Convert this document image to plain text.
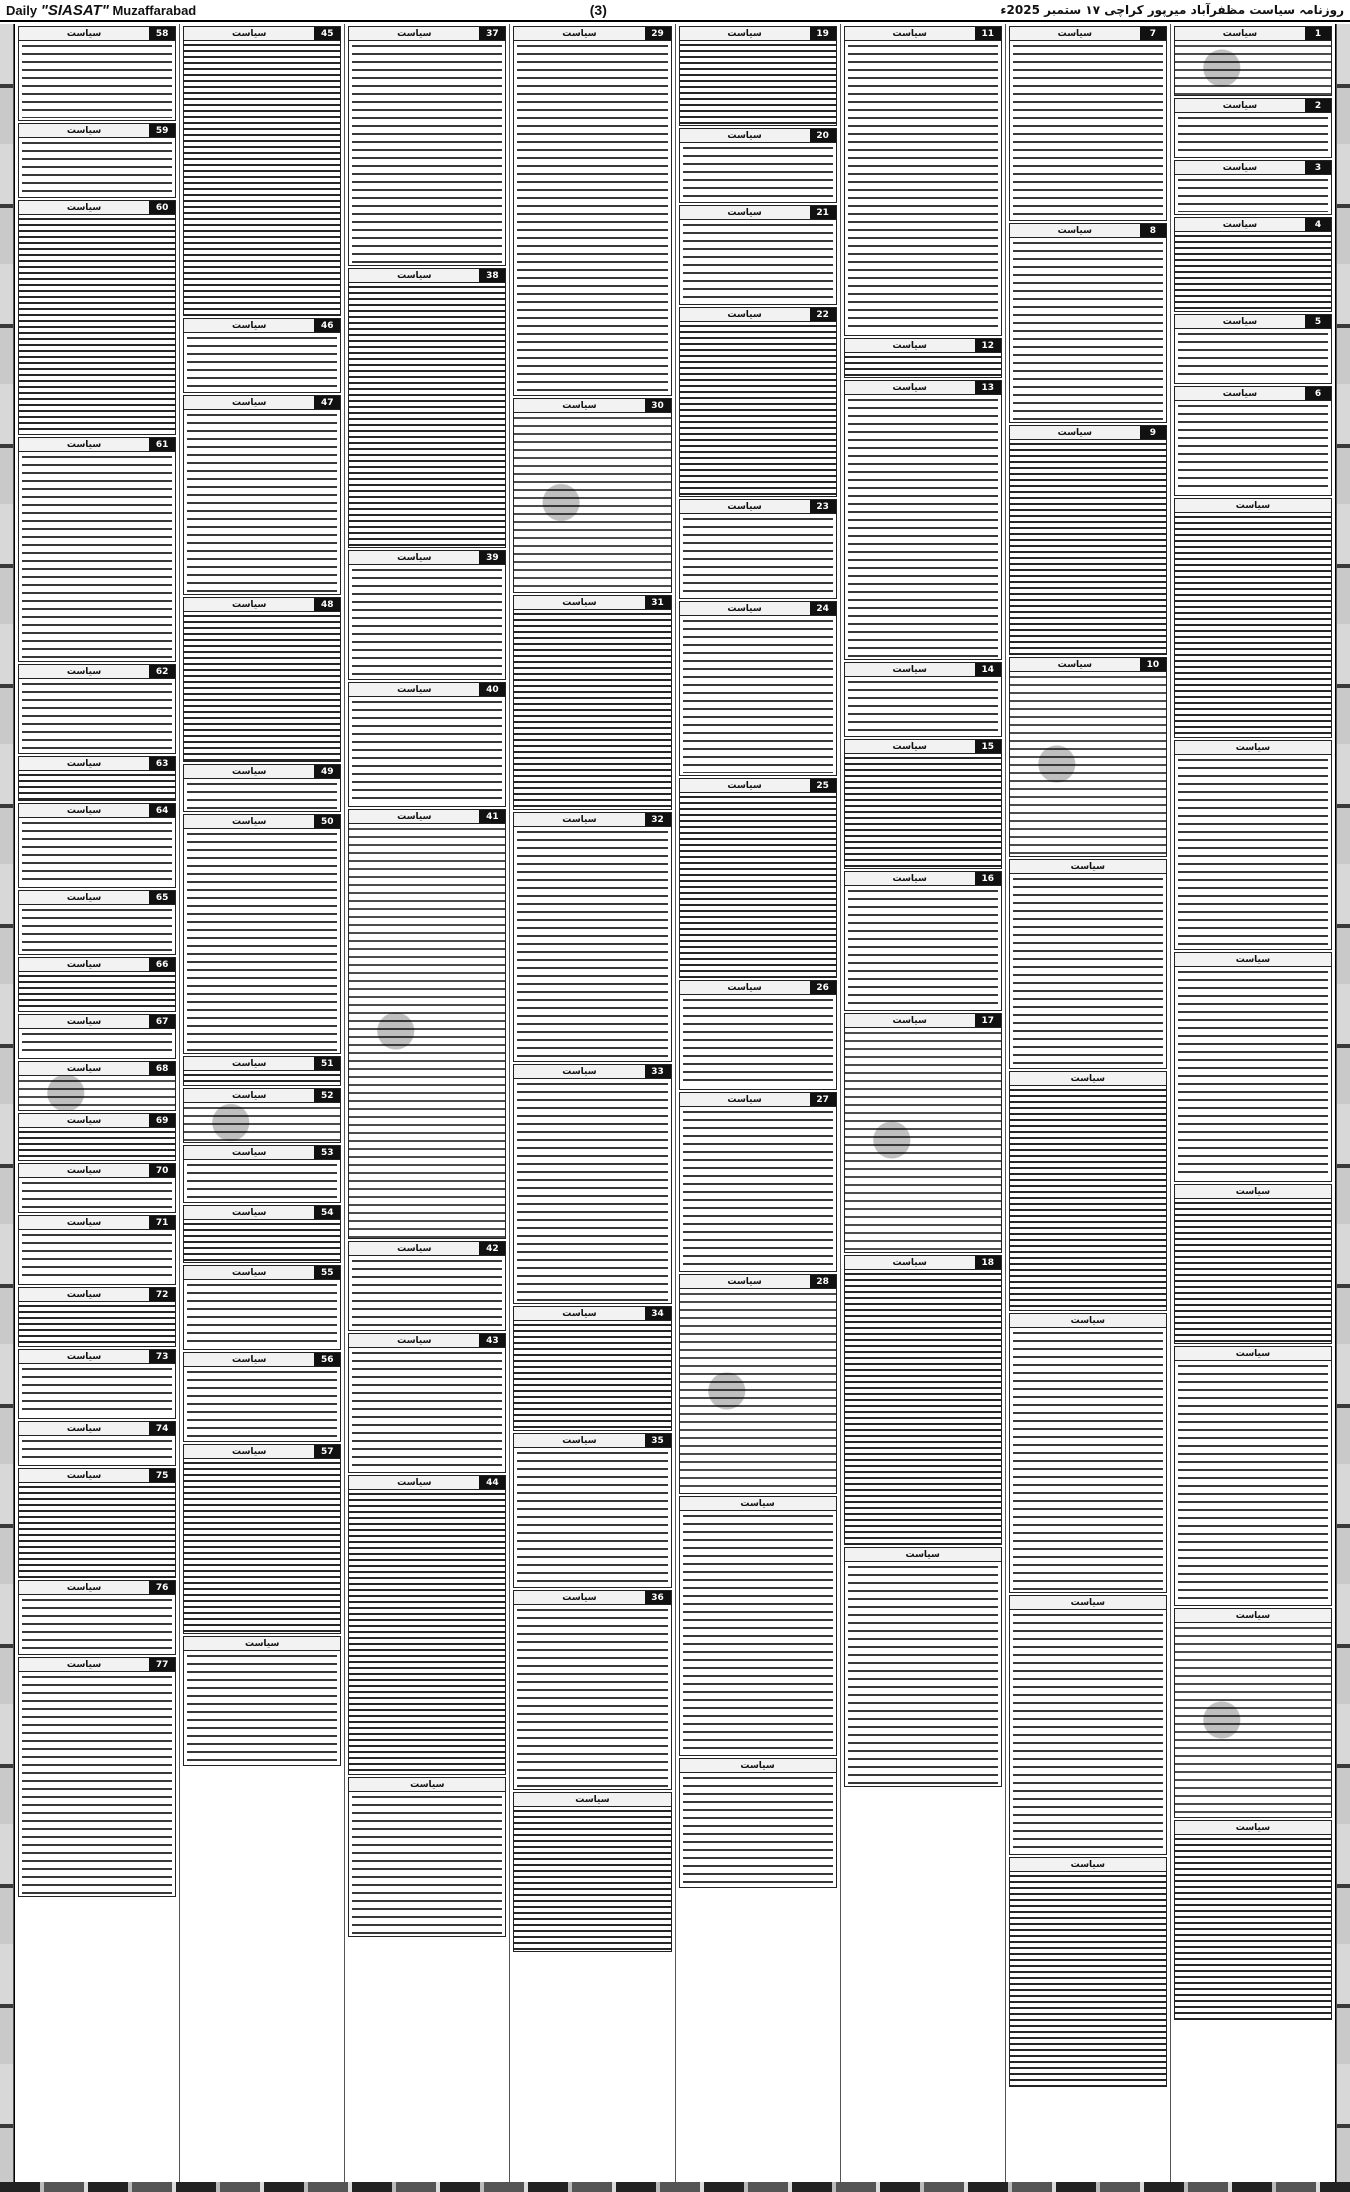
Daily "SIASAT" Muzaffarabad	(3)	روزنامہ سیاست مظفرآباد میرپور کراچی ۱۷ ستمبر 2025ء
سیاست	1
سیاست	2
سیاست	3
سیاست	4
سیاست	5
سیاست	6
سیاست
سیاست
سیاست
سیاست
سیاست
سیاست
سیاست
سیاست	7
سیاست	8
سیاست	9
سیاست	10
سیاست
سیاست
سیاست
سیاست
سیاست
سیاست	11
سیاست	12
سیاست	13
سیاست	14
سیاست	15
سیاست	16
سیاست	17
سیاست	18
سیاست
سیاست	19
سیاست	20
سیاست	21
سیاست	22
سیاست	23
سیاست	24
سیاست	25
سیاست	26
سیاست	27
سیاست	28
سیاست
سیاست
سیاست	29
سیاست	30
سیاست	31
سیاست	32
سیاست	33
سیاست	34
سیاست	35
سیاست	36
سیاست
سیاست	37
سیاست	38
سیاست	39
سیاست	40
سیاست	41
سیاست	42
سیاست	43
سیاست	44
سیاست
سیاست	45
سیاست	46
سیاست	47
سیاست	48
سیاست	49
سیاست	50
سیاست	51
سیاست	52
سیاست	53
سیاست	54
سیاست	55
سیاست	56
سیاست	57
سیاست
سیاست	58
سیاست	59
سیاست	60
سیاست	61
سیاست	62
سیاست	63
سیاست	64
سیاست	65
سیاست	66
سیاست	67
سیاست	68
سیاست	69
سیاست	70
سیاست	71
سیاست	72
سیاست	73
سیاست	74
سیاست	75
سیاست	76
سیاست	77
